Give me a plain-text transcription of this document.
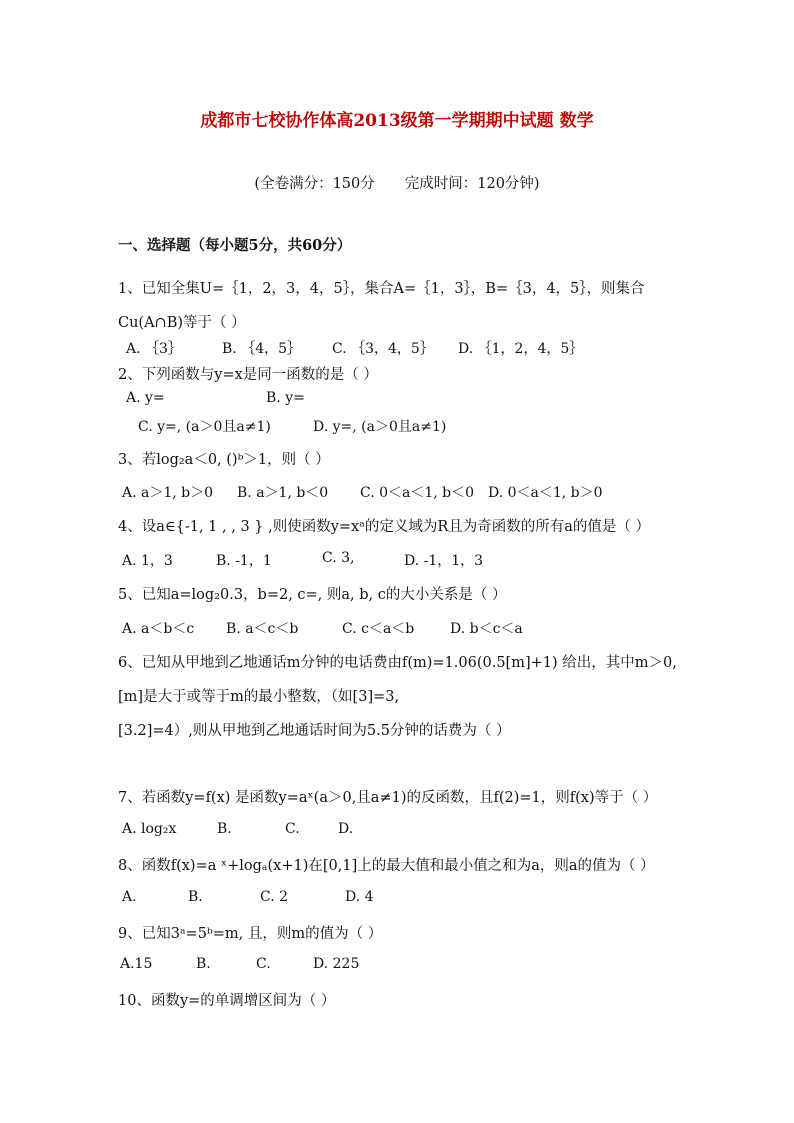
成都市七校协作体高2013级第一学期期中试题 数学
(全卷满分：150分 完成时间：120分钟)
一、选择题（每小题5分，共60分）
1、已知全集U=｛1，2，3，4，5｝，集合A=｛1，3｝，B=｛3，4，5｝，则集合
Cu(A∩B)等于（ ）
A. ｛3｝	B. ｛4，5｝ C. ｛3，4，5｝ D. ｛1，2，4，5｝
2、下列函数与y=x是同一函数的是（ ）
A. y=	B. y=
C. y=, (a＞0且a≠1)	D. y=, (a＞0且a≠1)
3、若log₂a＜0, ()ᵇ＞1，则（ ）
A. a＞1, b＞0 B. a＞1, b＜0 C. 0＜a＜1, b＜0 D. 0＜a＜1, b＞0
4、设a∈{-1, 1 , , 3 } ,则使函数y=xᵃ的定义域为R且为奇函数的所有a的值是（ ）
A. 1，3	B. -1，1	C. 3,	D. -1，1，3
5、已知a=log₂0.3，b=2, c=, 则a, b, c的大小关系是（ ）
A. a＜b＜c B. a＜c＜b	C. c＜a＜b	D. b＜c＜a
6、已知从甲地到乙地通话m分钟的电话费由f(m)=1.06(0.5[m]+1) 给出，其中m＞0,
[m]是大于或等于m的最小整数，（如[3]=3,
[3.2]=4）,则从甲地到乙地通话时间为5.5分钟的话费为（ ）
7、若函数y=f(x) 是函数y=aˣ(a＞0,且a≠1)的反函数，且f(2)=1，则f(x)等于（ ）
A. log₂x	B.	C.	D.
8、函数f(x)=a ˣ+logₐ(x+1)在[0,1]上的最大值和最小值之和为a，则a的值为（ ）
A.	B.	C. 2	D. 4
9、已知3ᵃ=5ᵇ=m, 且，则m的值为（ ）
A.15	B.	C.	D. 225
10、函数y=的单调增区间为（ ）
